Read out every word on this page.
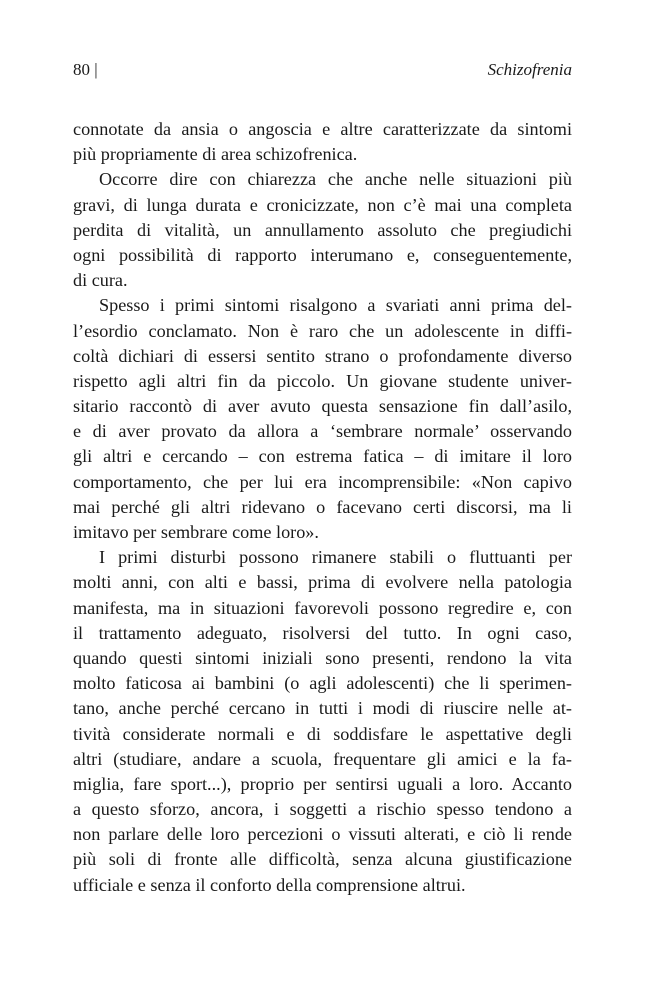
80 |	Schizofrenia
connotate da ansia o angoscia e altre caratterizzate da sintomi
più propriamente di area schizofrenica.
Occorre dire con chiarezza che anche nelle situazioni più
gravi, di lunga durata e cronicizzate, non c’è mai una completa
perdita di vitalità, un annullamento assoluto che pregiudichi
ogni possibilità di rapporto interumano e, conseguentemente,
di cura.
Spesso i primi sintomi risalgono a svariati anni prima del-
l’esordio conclamato. Non è raro che un adolescente in diffi-
coltà dichiari di essersi sentito strano o profondamente diverso
rispetto agli altri fin da piccolo. Un giovane studente univer-
sitario raccontò di aver avuto questa sensazione fin dall’asilo,
e di aver provato da allora a ‘sembrare normale’ osservando
gli altri e cercando – con estrema fatica – di imitare il loro
comportamento, che per lui era incomprensibile: «Non capivo
mai perché gli altri ridevano o facevano certi discorsi, ma li
imitavo per sembrare come loro».
I primi disturbi possono rimanere stabili o fluttuanti per
molti anni, con alti e bassi, prima di evolvere nella patologia
manifesta, ma in situazioni favorevoli possono regredire e, con
il trattamento adeguato, risolversi del tutto. In ogni caso,
quando questi sintomi iniziali sono presenti, rendono la vita
molto faticosa ai bambini (o agli adolescenti) che li sperimen-
tano, anche perché cercano in tutti i modi di riuscire nelle at-
tività considerate normali e di soddisfare le aspettative degli
altri (studiare, andare a scuola, frequentare gli amici e la fa-
miglia, fare sport...), proprio per sentirsi uguali a loro. Accanto
a questo sforzo, ancora, i soggetti a rischio spesso tendono a
non parlare delle loro percezioni o vissuti alterati, e ciò li rende
più soli di fronte alle difficoltà, senza alcuna giustificazione
ufficiale e senza il conforto della comprensione altrui.
